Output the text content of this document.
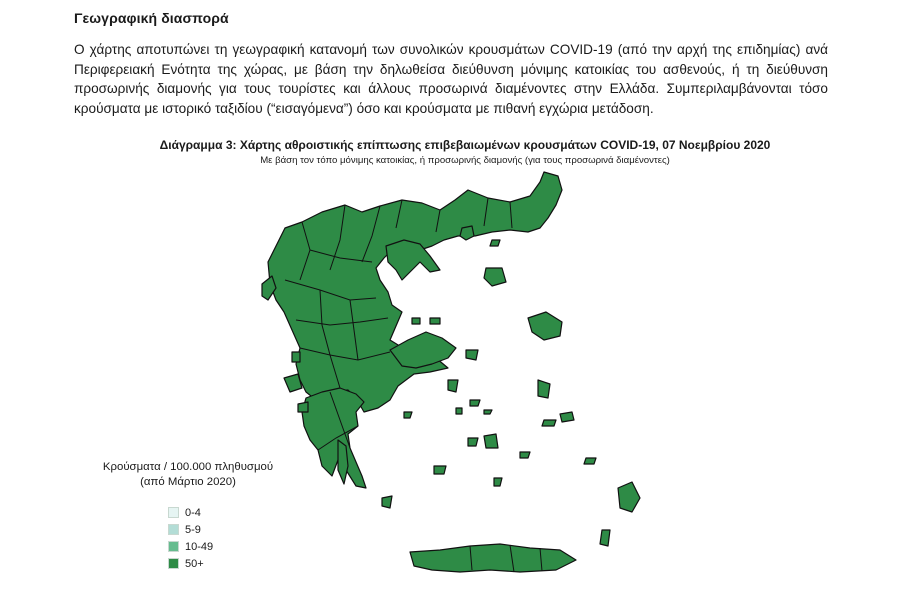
Γεωγραφική διασπορά

Ο χάρτης αποτυπώνει τη γεωγραφική κατανομή των συνολικών κρουσμάτων COVID-19 (από την αρχή της επιδημίας) ανά Περιφερειακή Ενότητα της χώρας, με βάση την δηλωθείσα διεύθυνση μόνιμης κατοικίας του ασθενούς, ή τη διεύθυνση προσωρινής διαμονής για τους τουρίστες και άλλους προσωρινά διαμένοντες στην Ελλάδα. Συμπεριλαμβάνονται τόσο κρούσματα με ιστορικό ταξιδίου (“εισαγόμενα”) όσο και κρούσματα με πιθανή εγχώρια μετάδοση.

Διάγραμμα 3: Χάρτης αθροιστικής επίπτωσης επιβεβαιωμένων κρουσμάτων COVID-19, 07 Νοεμβρίου 2020
Με βάση τον τόπο μόνιμης κατοικίας, ή προσωρινής διαμονής (για τους προσωρινά διαμένοντες)
Κρούσματα / 100.000 πληθυσμού
(από Μάρτιο 2020)
0-4
5-9
10-49
50+
